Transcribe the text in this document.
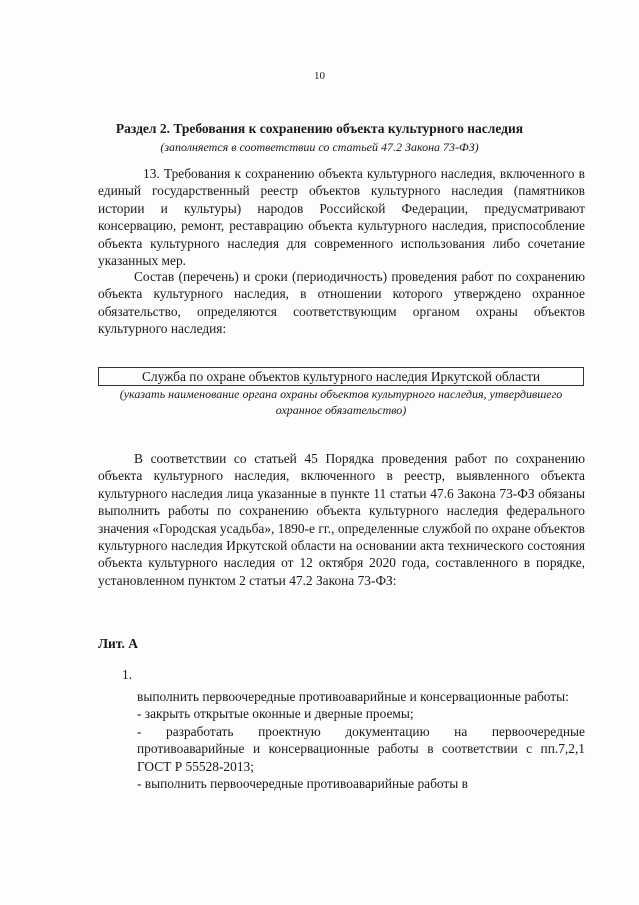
10
Раздел 2. Требования к сохранению объекта культурного наследия
(заполняется в соответствии со статьей 47.2 Закона 73-ФЗ)
13. Требования к сохранению объекта культурного наследия, включенного в единый государственный реестр объектов культурного наследия (памятников истории и культуры) народов Российской Федерации, предусматривают консервацию, ремонт, реставрацию объекта культурного наследия, приспособление объекта культурного наследия для современного использования либо сочетание указанных мер.
Состав (перечень) и сроки (периодичность) проведения работ по сохранению объекта культурного наследия, в отношении которого утверждено охранное обязательство, определяются соответствующим органом охраны объектов культурного наследия:
Служба по охране объектов культурного наследия Иркутской области
(указать наименование органа охраны объектов культурного наследия, утвердившего охранное обязательство)
В соответствии со статьей 45 Порядка проведения работ по сохранению объекта культурного наследия, включенного в реестр, выявленного объекта культурного наследия лица указанные в пункте 11 статьи 47.6 Закона 73-ФЗ обязаны выполнить работы по сохранению объекта культурного наследия федерального значения «Городская усадьба», 1890-е гг., определенные службой по охране объектов культурного наследия Иркутской области на основании акта технического состояния объекта культурного наследия от 12 октября 2020 года, составленного в порядке, установленном пунктом 2 статьи 47.2 Закона 73-ФЗ:
Лит. А
1.
выполнить первоочередные противоаварийные и консервационные работы:
- закрыть открытые оконные и дверные проемы;
- разработать проектную документацию на первоочередные противоаварийные и консервационные работы в соответствии с пп.7,2,1 ГОСТ Р 55528-2013;
- выполнить первоочередные противоаварийные работы в
